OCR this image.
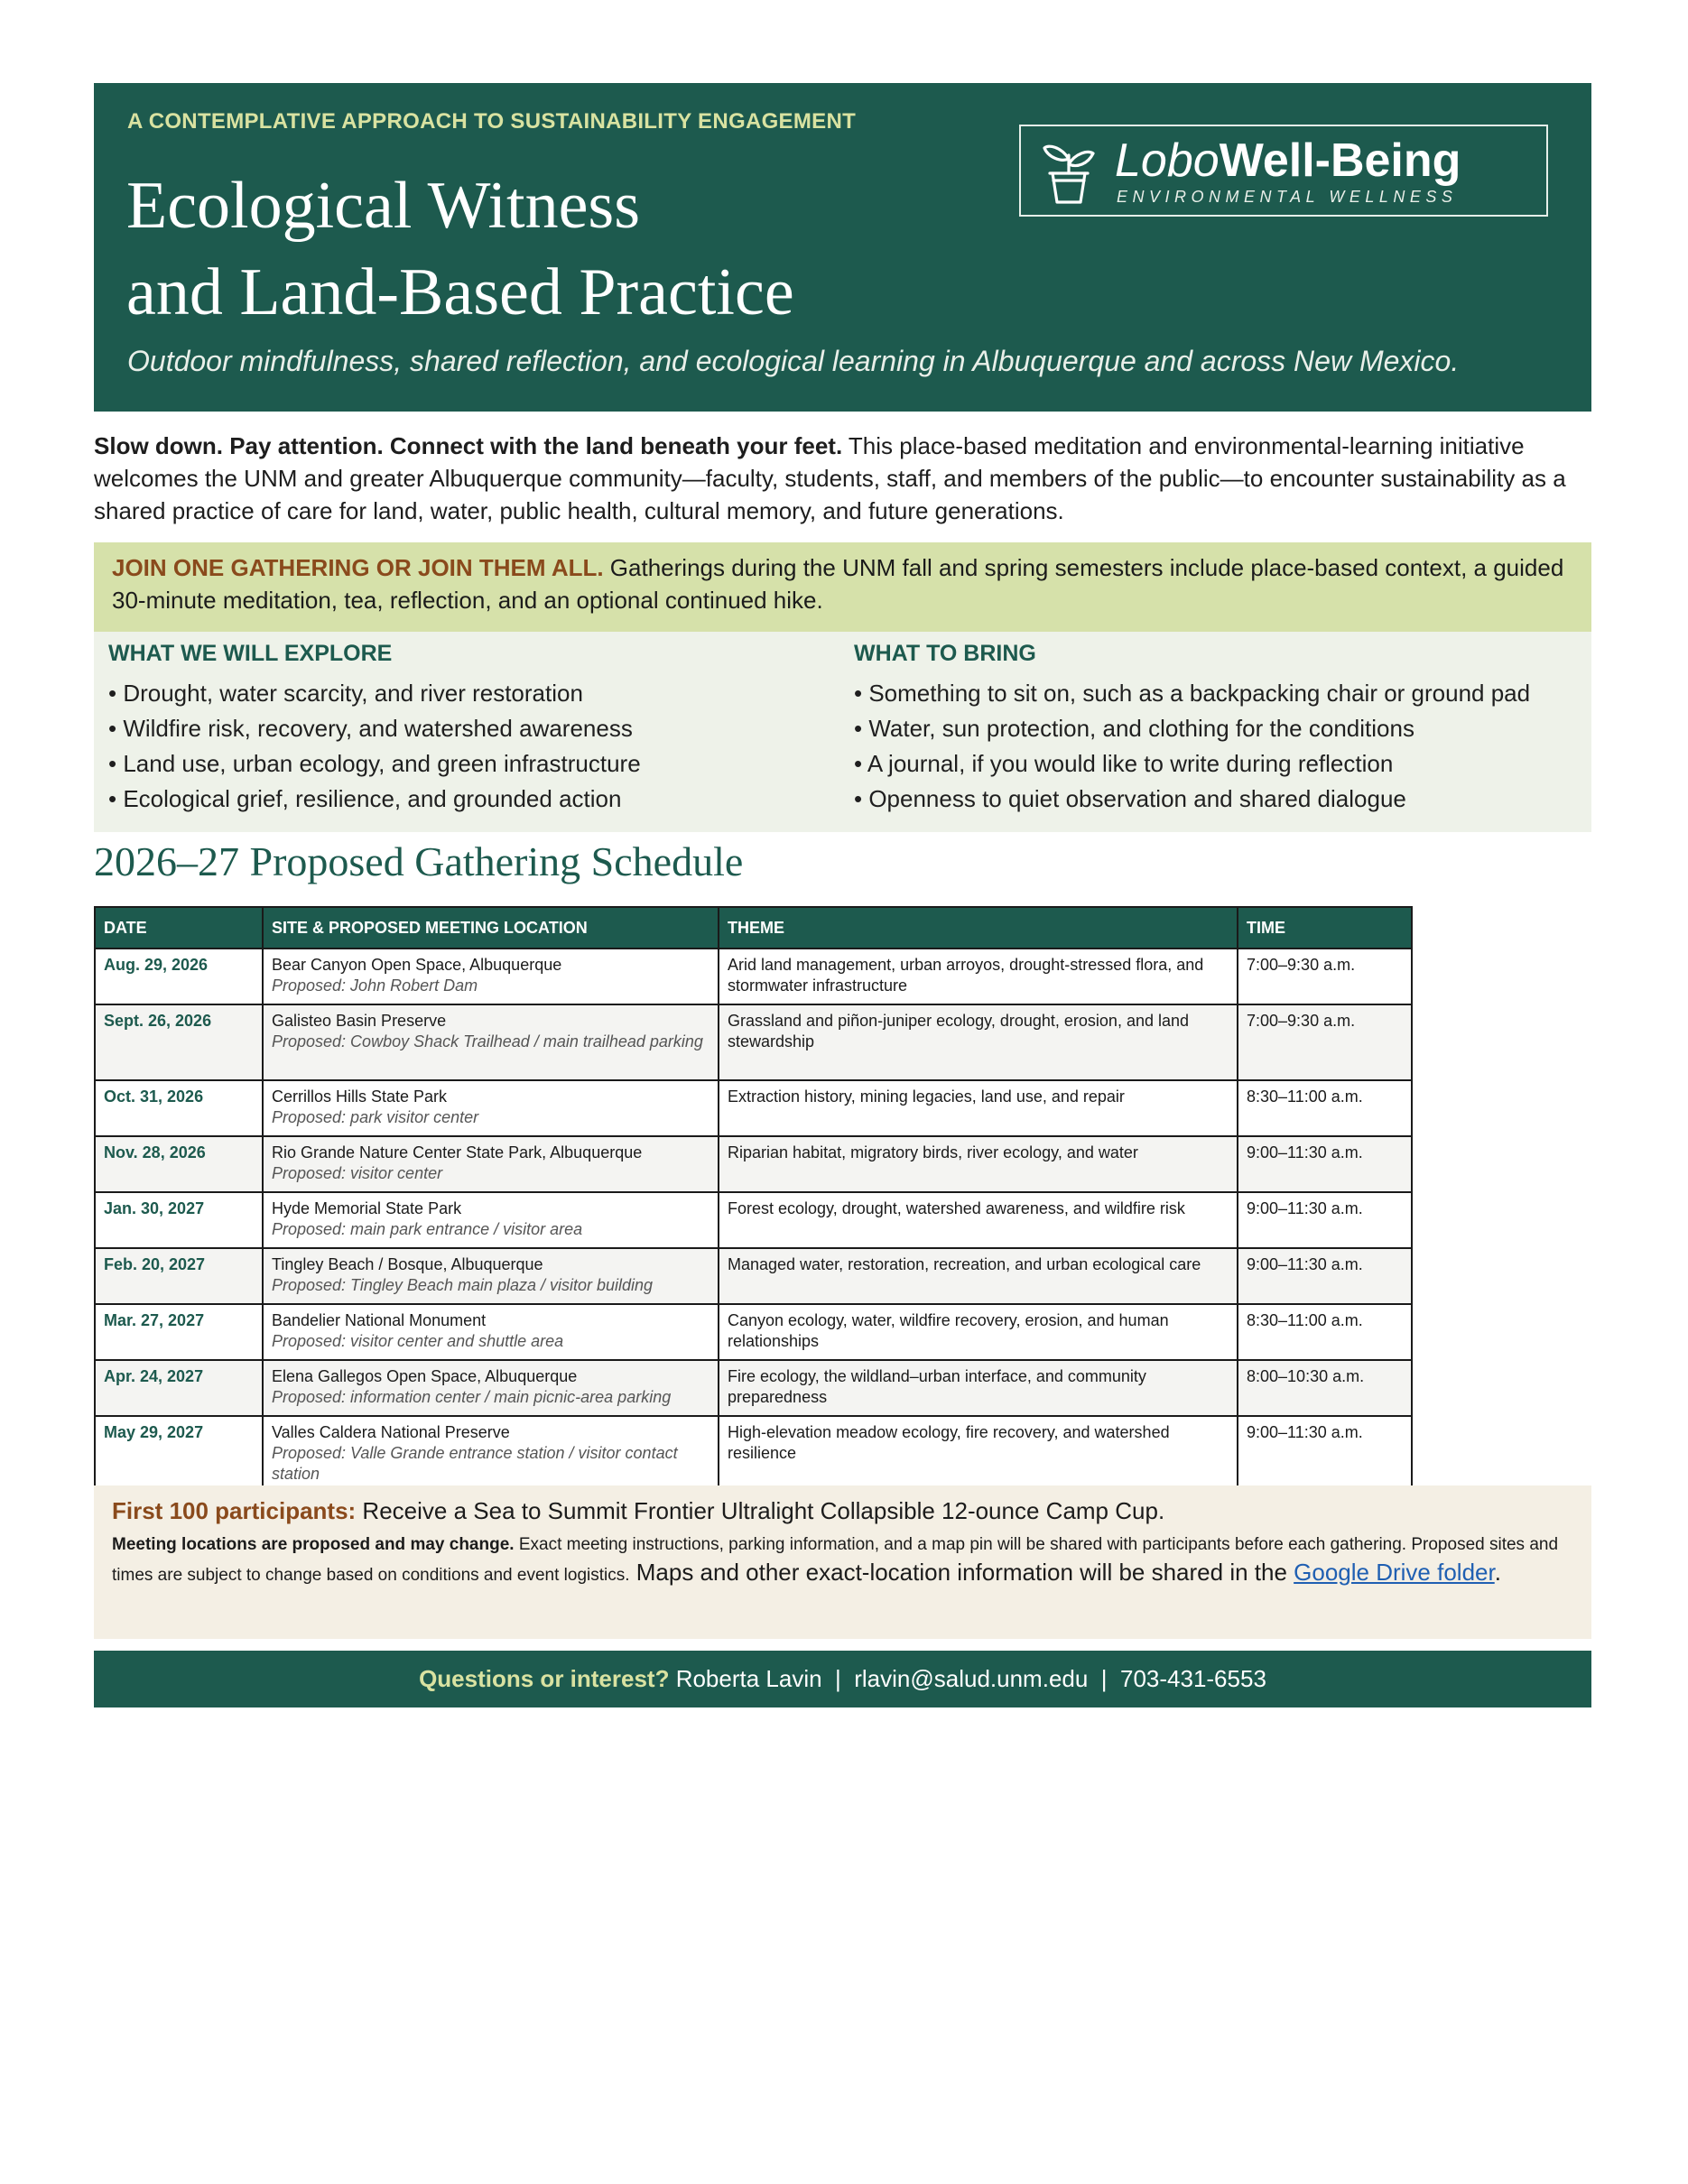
A CONTEMPLATIVE APPROACH TO SUSTAINABILITY ENGAGEMENT
Ecological Witness
and Land-Based Practice
Outdoor mindfulness, shared reflection, and ecological learning in Albuquerque and across New Mexico.
LoboWell-Being
ENVIRONMENTAL WELLNESS
Slow down. Pay attention. Connect with the land beneath your feet. This place-based meditation and environmental-learning initiative welcomes the UNM and greater Albuquerque community—faculty, students, staff, and members of the public—to encounter sustainability as a shared practice of care for land, water, public health, cultural memory, and future generations.
JOIN ONE GATHERING OR JOIN THEM ALL. Gatherings during the UNM fall and spring semesters include place-based context, a guided 30-minute meditation, tea, reflection, and an optional continued hike.
WHAT WE WILL EXPLORE
• Drought, water scarcity, and river restoration
• Wildfire risk, recovery, and watershed awareness
• Land use, urban ecology, and green infrastructure
• Ecological grief, resilience, and grounded action
WHAT TO BRING
• Something to sit on, such as a backpacking chair or ground pad
• Water, sun protection, and clothing for the conditions
• A journal, if you would like to write during reflection
• Openness to quiet observation and shared dialogue
2026–27 Proposed Gathering Schedule
DATE	SITE & PROPOSED MEETING LOCATION	THEME	TIME
Aug. 29, 2026	Bear Canyon Open Space, Albuquerque
Proposed: John Robert Dam	Arid land management, urban arroyos, drought-stressed flora, and stormwater infrastructure	7:00–9:30 a.m.
Sept. 26, 2026	Galisteo Basin Preserve
Proposed: Cowboy Shack Trailhead / main trailhead parking	Grassland and piñon-juniper ecology, drought, erosion, and land stewardship	7:00–9:30 a.m.
Oct. 31, 2026	Cerrillos Hills State Park
Proposed: park visitor center	Extraction history, mining legacies, land use, and repair	8:30–11:00 a.m.
Nov. 28, 2026	Rio Grande Nature Center State Park, Albuquerque
Proposed: visitor center	Riparian habitat, migratory birds, river ecology, and water	9:00–11:30 a.m.
Jan. 30, 2027	Hyde Memorial State Park
Proposed: main park entrance / visitor area	Forest ecology, drought, watershed awareness, and wildfire risk	9:00–11:30 a.m.
Feb. 20, 2027	Tingley Beach / Bosque, Albuquerque
Proposed: Tingley Beach main plaza / visitor building	Managed water, restoration, recreation, and urban ecological care	9:00–11:30 a.m.
Mar. 27, 2027	Bandelier National Monument
Proposed: visitor center and shuttle area	Canyon ecology, water, wildfire recovery, erosion, and human relationships	8:30–11:00 a.m.
Apr. 24, 2027	Elena Gallegos Open Space, Albuquerque
Proposed: information center / main picnic-area parking	Fire ecology, the wildland–urban interface, and community preparedness	8:00–10:30 a.m.
May 29, 2027	Valles Caldera National Preserve
Proposed: Valle Grande entrance station / visitor contact station	High-elevation meadow ecology, fire recovery, and watershed resilience	9:00–11:30 a.m.
First 100 participants: Receive a Sea to Summit Frontier Ultralight Collapsible 12-ounce Camp Cup.
Meeting locations are proposed and may change. Exact meeting instructions, parking information, and a map pin will be shared with participants before each gathering. Proposed sites and times are subject to change based on conditions and event logistics. Maps and other exact-location information will be shared in the Google Drive folder.
Questions or interest? Roberta Lavin  |  rlavin@salud.unm.edu  |  703-431-6553
